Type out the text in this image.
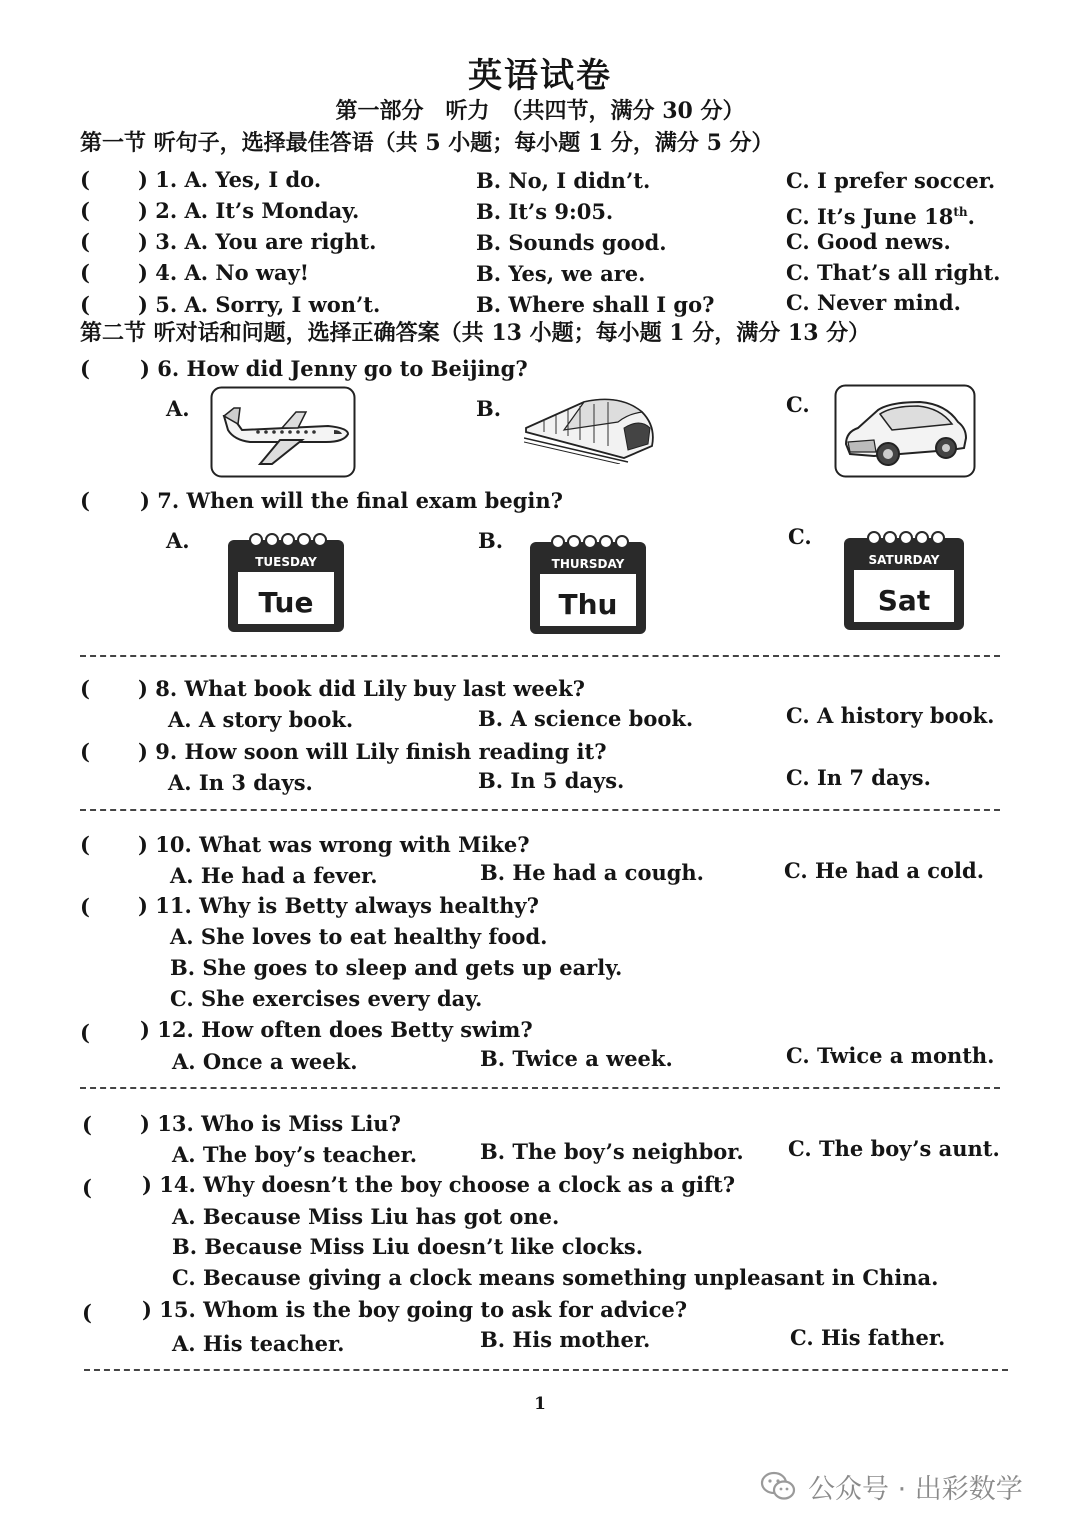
英语试卷
第一部分　听力　（共四节，满分 30 分）
第一节 听句子，选择最佳答语（共 5 小题；每小题 1 分，满分 5 分）
( ) 1. A. Yes, I do.	B. No, I didn’t.	C. I prefer soccer.
( ) 2. A. It’s Monday.	B. It’s 9:05.	C. It’s June 18th.
( ) 3. A. You are right.	B. Sounds good.	C. Good news.
( ) 4. A. No way!	B. Yes, we are.	C. That’s all right.
( ) 5. A. Sorry, I won’t.	B. Where shall I go?	C. Never mind.
第二节 听对话和问题，选择正确答案（共 13 小题；每小题 1 分，满分 13 分）
( ) 6. How did Jenny go to Beijing?
A.	B.	C.
( ) 7. When will the final exam begin?
A.	B.	C.
TUESDAY
Tue
THURSDAY
Thu
SATURDAY
Sat
( ) 8. What book did Lily buy last week?
A. A story book.	B. A science book.	C. A history book.
( ) 9. How soon will Lily finish reading it?
A. In 3 days.	B. In 5 days.	C. In 7 days.
( ) 10. What was wrong with Mike?
A. He had a fever.	B. He had a cough.	C. He had a cold.
( ) 11. Why is Betty always healthy?
A. She loves to eat healthy food.
B. She goes to sleep and gets up early.
C. She exercises every day.
( ) 12. How often does Betty swim?
A. Once a week.	B. Twice a week.	C. Twice a month.
( ) 13. Who is Miss Liu?
A. The boy’s teacher.	B. The boy’s neighbor. C. The boy’s aunt.
( ) 14. Why doesn’t the boy choose a clock as a gift?
A. Because Miss Liu has got one.
B. Because Miss Liu doesn’t like clocks.
C. Because giving a clock means something unpleasant in China.
( ) 15. Whom is the boy going to ask for advice?
A. His teacher.	B. His mother.	C. His father.
1
公众号 · 出彩数学
